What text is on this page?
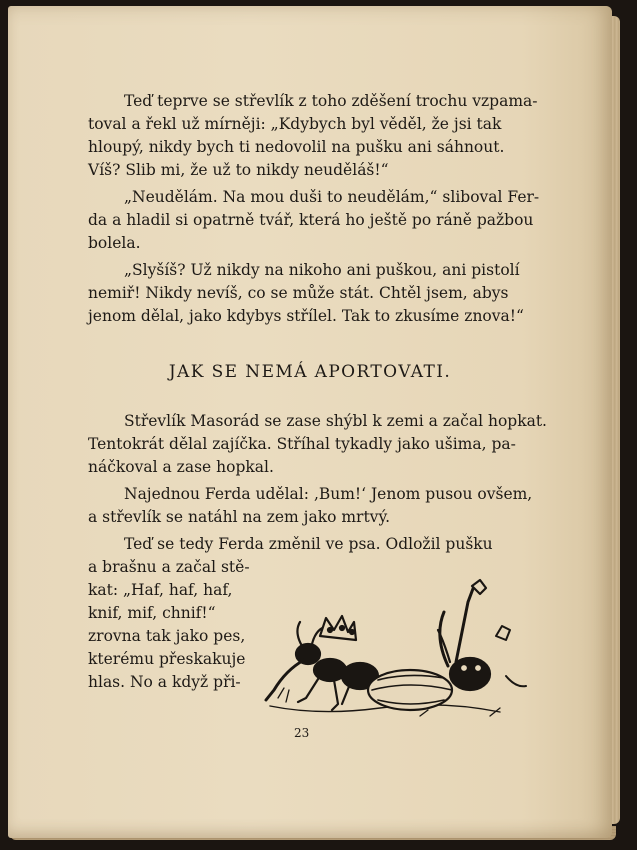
Teď teprve se střevlík z toho zděšení trochu vzpama-
toval a řekl už mírněji: „Kdybych byl věděl, že jsi tak
hloupý, nikdy bych ti nedovolil na pušku ani sáhnout.
Víš? Slib mi, že už to nikdy neuděláš!“
„Neudělám. Na mou duši to neudělám,“ sliboval Fer-
da a hladil si opatrně tvář, která ho ještě po ráně pažbou
bolela.
„Slyšíš? Už nikdy na nikoho ani puškou, ani pistolí
nemiř! Nikdy nevíš, co se může stát. Chtěl jsem, abys
jenom dělal, jako kdybys střílel. Tak to zkusíme znova!“
JAK SE NEMÁ APORTOVATI.
Střevlík Masorád se zase shýbl k zemi a začal hopkat.
Tentokrát dělal zajíčka. Stříhal tykadly jako ušima, pa-
náčkoval a zase hopkal.
Najednou Ferda udělal: ‚Bum!‘ Jenom pusou ovšem,
a střevlík se natáhl na zem jako mrtvý.
Teď se tedy Ferda změnil ve psa. Odložil pušku
a brašnu a začal stě-
kat: „Haf, haf, haf,
knif, mif, chnif!“
zrovna tak jako pes,
kterému přeskakuje
hlas. No a když při-
23
